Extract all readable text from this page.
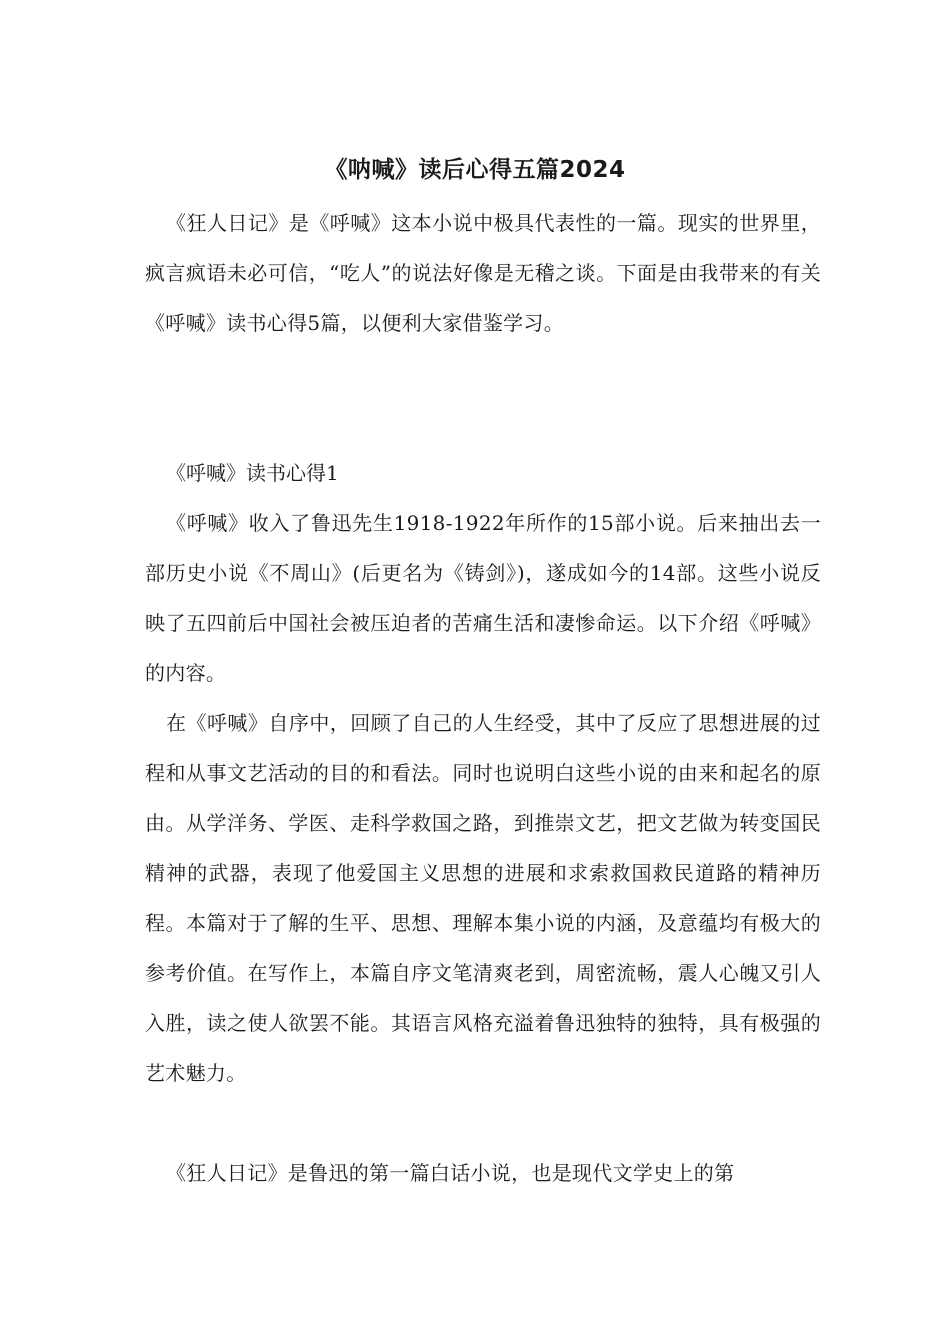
《呐喊》读后心得五篇2024

《狂人日记》是《呼喊》这本小说中极具代表性的一篇。现实的世界里，疯言疯语未必可信，“吃人”的说法好像是无稽之谈。下面是由我带来的有关《呼喊》读书心得5篇，以便利大家借鉴学习。

《呼喊》读书心得1

《呼喊》收入了鲁迅先生1918-1922年所作的15部小说。后来抽出去一部历史小说《不周山》(后更名为《铸剑》)，遂成如今的14部。这些小说反映了五四前后中国社会被压迫者的苦痛生活和凄惨命运。以下介绍《呼喊》的内容。

在《呼喊》自序中，回顾了自己的人生经受，其中了反应了思想进展的过程和从事文艺活动的目的和看法。同时也说明白这些小说的由来和起名的原由。从学洋务、学医、走科学救国之路，到推崇文艺，把文艺做为转变国民精神的武器，表现了他爱国主义思想的进展和求索救国救民道路的精神历程。本篇对于了解的生平、思想、理解本集小说的内涵，及意蕴均有极大的参考价值。在写作上，本篇自序文笔清爽老到，周密流畅，震人心魄又引人入胜，读之使人欲罢不能。其语言风格充溢着鲁迅独特的独特，具有极强的艺术魅力。

《狂人日记》是鲁迅的第一篇白话小说，也是现代文学史上的第
